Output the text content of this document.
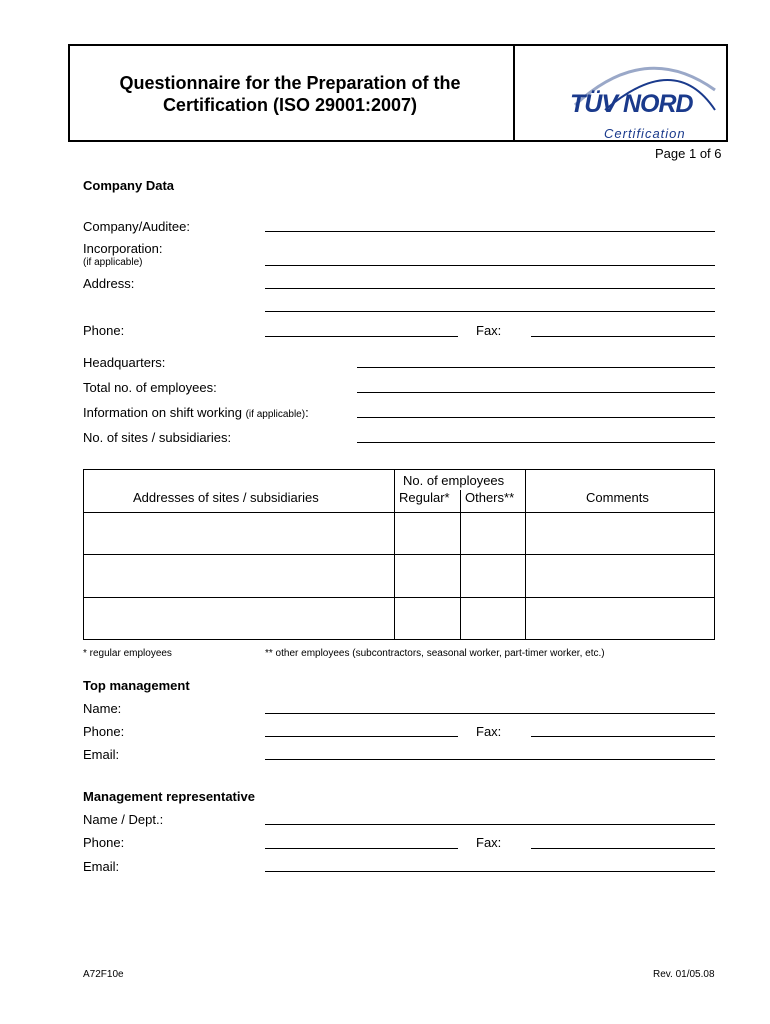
Questionnaire for the Preparation of the
Certification (ISO 29001:2007)	TÜV NORD
Certification
Page 1 of 6
Company Data
Company/Auditee:
Incorporation:
(if applicable)
Address:
Phone:	Fax:
Headquarters:
Total no. of employees:
Information on shift working (if applicable):
No. of sites / subsidiaries:
Addresses of sites / subsidiaries
No. of employees
Regular* Others**	Comments
* regular employees	** other employees (subcontractors, seasonal worker, part-timer worker, etc.)
Top management
Name:
Phone:	Fax:
Email:
Management representative
Name / Dept.:
Phone:	Fax:
Email:
A72F10e	Rev. 01/05.08
